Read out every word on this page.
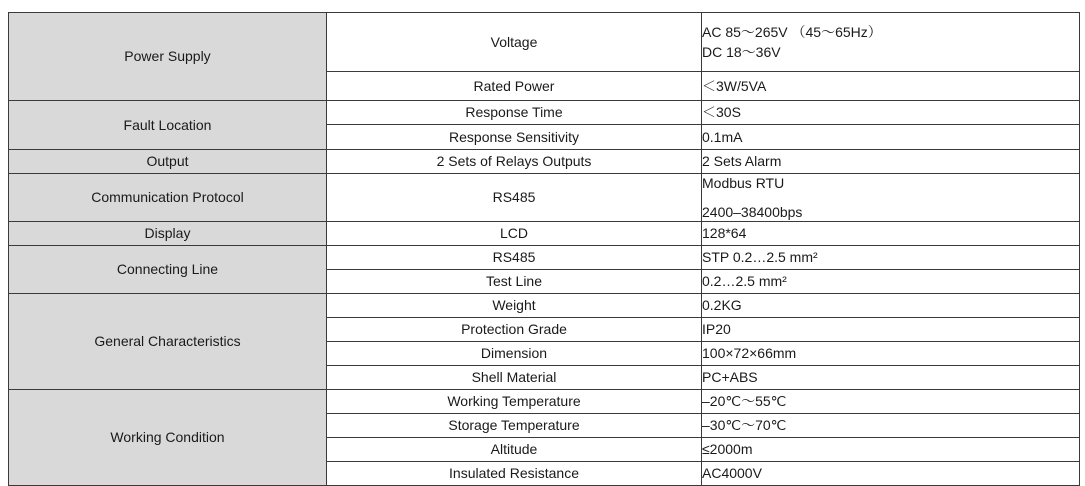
Power Supply	Voltage	AC 85～265V （45～65Hz）
DC 18～36V

	Rated Power	＜3W/5VA
Fault Location	Response Time	＜30S
	Response Sensitivity	0.1mA
Output	2 Sets of Relays Outputs	2 Sets Alarm
Communication Protocol	RS485	Modbus RTU
2400–38400bps

Display	LCD	128*64
Connecting Line	RS485	STP 0.2…2.5 mm²
	Test Line	0.2…2.5 mm²
General Characteristics	Weight	0.2KG
	Protection Grade	IP20
	Dimension	100×72×66mm
	Shell Material	PC+ABS
Working Condition	Working Temperature	–20℃～55℃
	Storage Temperature	–30℃～70℃
	Altitude	≤2000m
	Insulated Resistance	AC4000V
